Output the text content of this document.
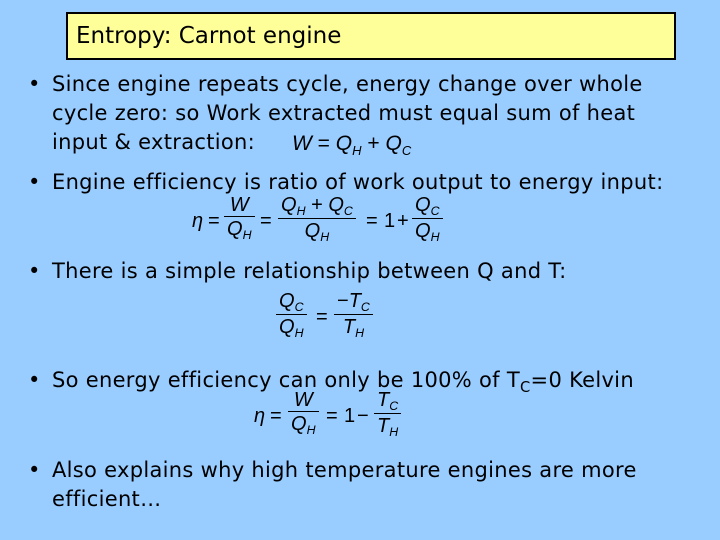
Entropy: Carnot engine
• Since engine repeats cycle, energy change over whole
cycle zero: so Work extracted must equal sum of heat
input & extraction: $W = Q_H + Q_C$
• Engine efficiency is ratio of work output to energy input:
$\eta = \frac{W}{Q_H} = \frac{Q_H + Q_C}{Q_H} = 1 + \frac{Q_C}{Q_H}$
• There is a simple relationship between Q and T:
$\frac{Q_C}{Q_H} = \frac{-T_C}{T_H}$
• So energy efficiency can only be 100% of $T_C=0$ Kelvin
$\eta = \frac{W}{Q_H} = 1 - \frac{T_C}{T_H}$
• Also explains why high temperature engines are more
efficient…
